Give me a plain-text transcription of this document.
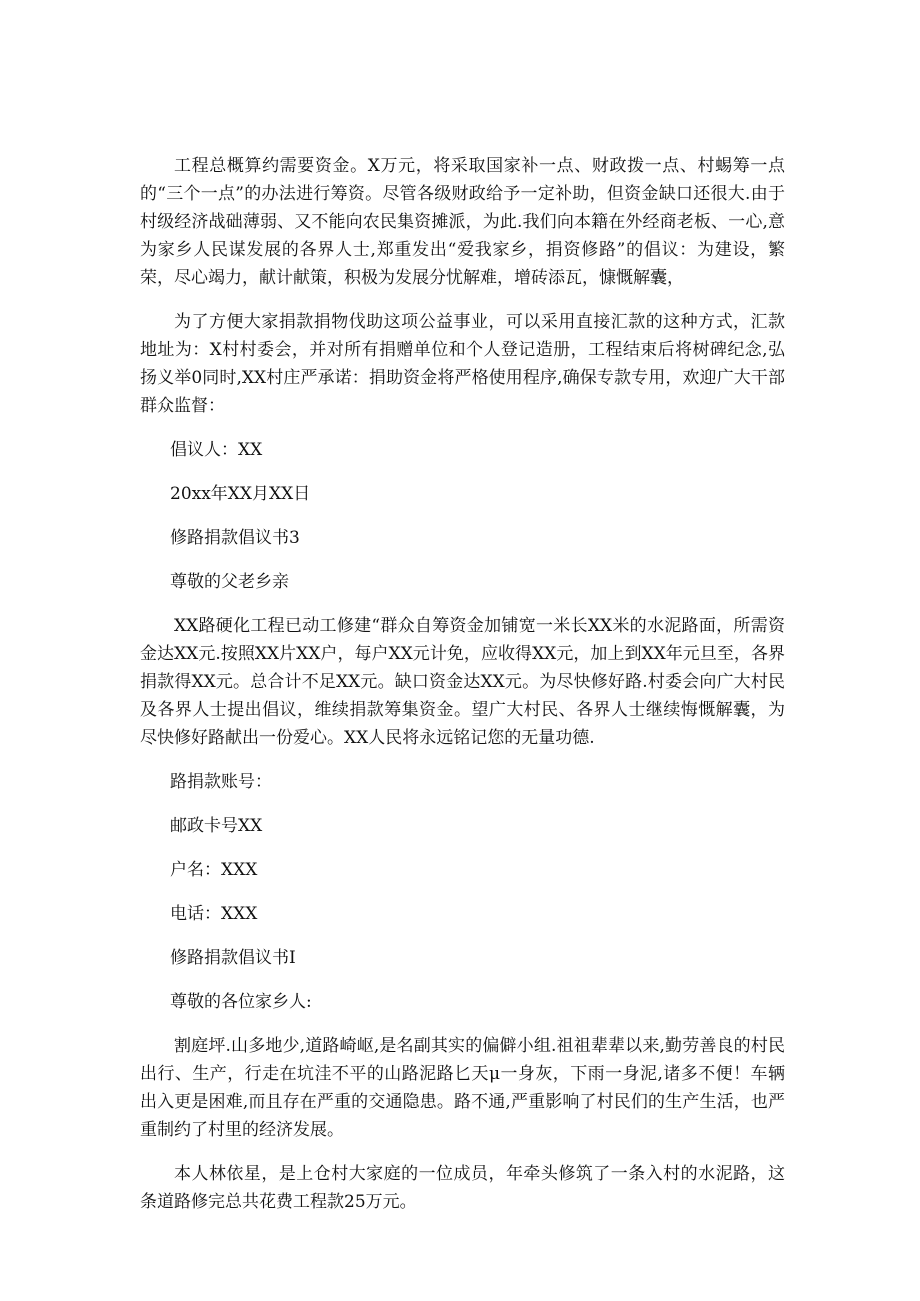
工程总概算约需要资金。X万元，将采取国家补一点、财政拨一点、村蜴筹一点的“三个一点”的办法进行筹资。尽管各级财政给予一定补助，但资金缺口还很大.由于村级经济战础薄弱、又不能向农民集资摊派，为此.我们向本籍在外经商老板、一心,意为家乡人民谋发展的各界人士,郑重发出“爱我家乡，捐资修路”的倡议：为建设，繁荣，尽心竭力，献计献策，积极为发展分忧解难，增砖添瓦，慷慨解囊，

为了方便大家捐款捐物伐助这项公益事业，可以采用直接汇款的这种方式，汇款地址为：X村村委会，并对所有捐赠单位和个人登记造册，工程结束后将树碑纪念,弘扬义举0同时,XX村庄严承诺：捐助资金将严格使用程序,确保专款专用，欢迎广大干部群众监督：

倡议人：XX

20xx年XX月XX日

修路捐款倡议书3

尊敬的父老乡亲

XX路硬化工程已动工修建“群众自筹资金加铺宽一米长XX米的水泥路面，所需资金达XX元.按照XX片XX户，每户XX元计免，应收得XX元，加上到XX年元旦至，各界捐款得XX元。总合计不足XX元。缺口资金达XX元。为尽快修好路.村委会向广大村民及各界人士提出倡议，维续捐款筹集资金。望广大村民、各界人士继续悔慨解囊，为尽快修好路献出一份爱心。XX人民将永远铭记您的无量功德.

路捐款账号：

邮政卡号XX

户名：XXX

电话：XXX

修路捐款倡议书I

尊敬的各位家乡人:

割庭坪.山多地少,道路崎岖,是名副其实的偏僻小组.祖祖辈辈以来,勤劳善良的村民出行、生产，行走在坑洼不平的山路泥路匕天μ一身灰，下雨一身泥,诸多不便！车辆出入更是困难,而且存在严重的交通隐患。路不通,严重影响了村民们的生产生活，也严重制约了村里的经济发展。

本人林依星，是上仓村大家庭的一位成员，年牵头修筑了一条入村的水泥路，这条道路修完总共花费工程款25万元。
